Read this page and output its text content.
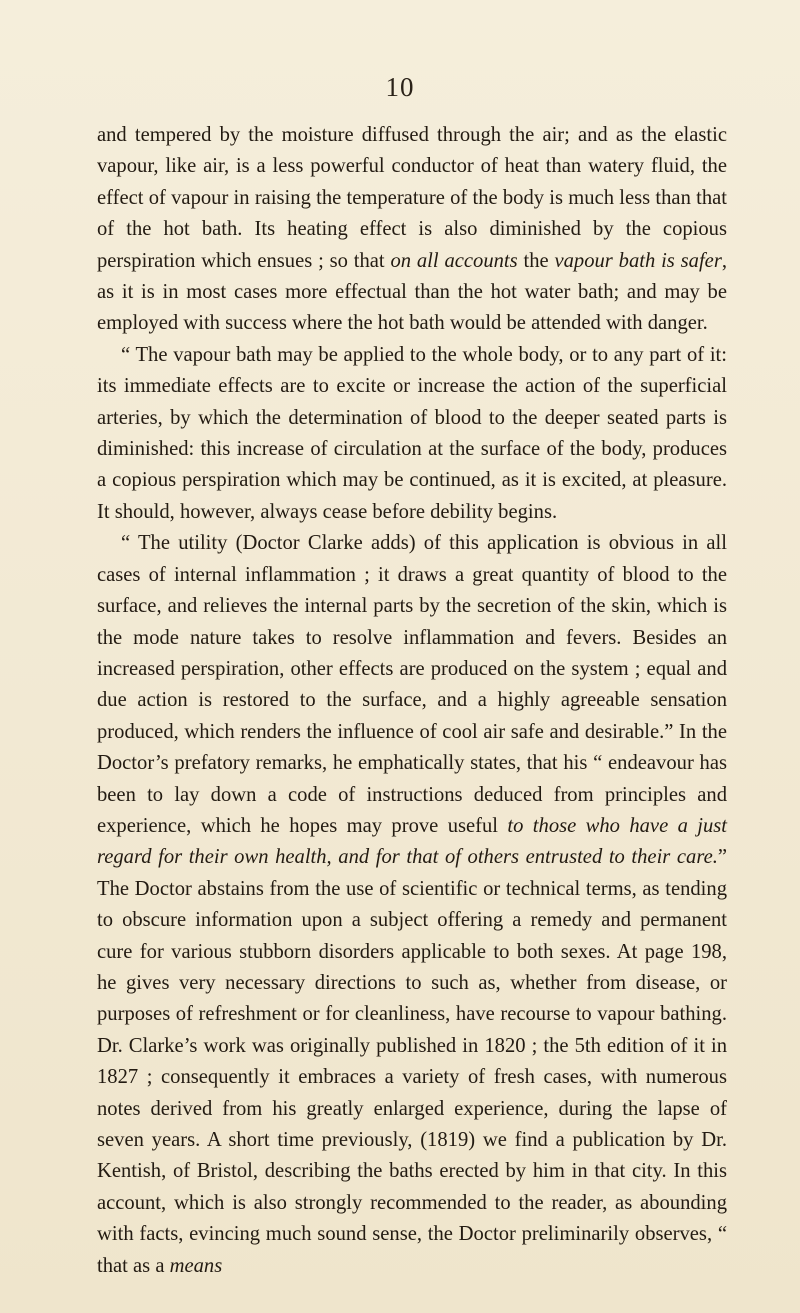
10

and tempered by the moisture diffused through the air; and as the elastic vapour, like air, is a less powerful conductor of heat than watery fluid, the effect of vapour in raising the temperature of the body is much less than that of the hot bath. Its heating effect is also diminished by the copious perspiration which ensues ; so that on all accounts the vapour bath is safer, as it is in most cases more effectual than the hot water bath; and may be employed with success where the hot bath would be attended with danger.

“ The vapour bath may be applied to the whole body, or to any part of it: its immediate effects are to excite or increase the action of the superficial arteries, by which the determination of blood to the deeper seated parts is diminished: this increase of circulation at the surface of the body, produces a copious perspiration which may be continued, as it is excited, at pleasure. It should, however, always cease before debility begins.

“ The utility (Doctor Clarke adds) of this application is obvious in all cases of internal inflammation ; it draws a great quantity of blood to the surface, and relieves the internal parts by the secretion of the skin, which is the mode nature takes to resolve inflammation and fevers. Besides an increased perspiration, other effects are produced on the system ; equal and due action is restored to the surface, and a highly agreeable sensation produced, which renders the influence of cool air safe and desirable.” In the Doctor’s prefatory remarks, he emphatically states, that his “ endeavour has been to lay down a code of instructions deduced from principles and experience, which he hopes may prove useful to those who have a just regard for their own health, and for that of others entrusted to their care.” The Doctor abstains from the use of scientific or technical terms, as tending to obscure information upon a subject offering a remedy and permanent cure for various stubborn disorders applicable to both sexes. At page 198, he gives very necessary directions to such as, whether from disease, or purposes of refreshment or for cleanliness, have recourse to vapour bathing. Dr. Clarke’s work was originally published in 1820 ; the 5th edition of it in 1827 ; consequently it embraces a variety of fresh cases, with numerous notes derived from his greatly enlarged experience, during the lapse of seven years. A short time previously, (1819) we find a publication by Dr. Kentish, of Bristol, describing the baths erected by him in that city. In this account, which is also strongly recommended to the reader, as abounding with facts, evincing much sound sense, the Doctor preliminarily observes, “ that as a means
